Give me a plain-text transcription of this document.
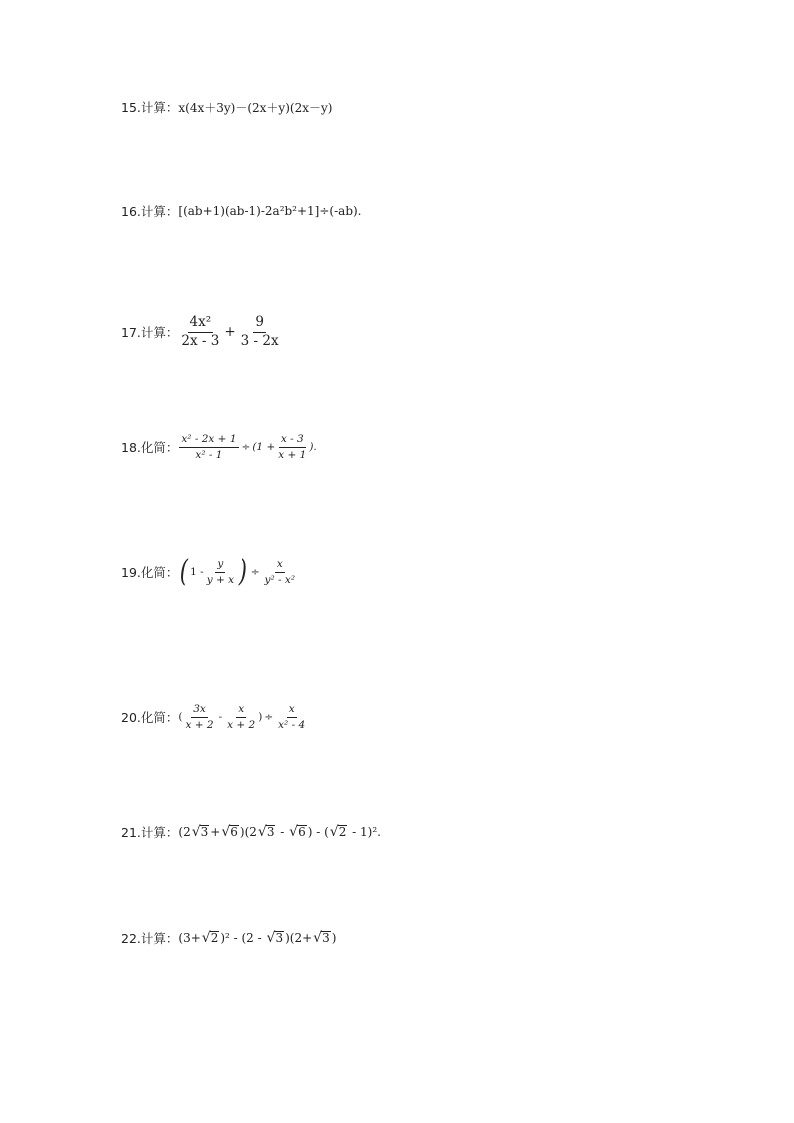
15.计算： x(4x＋3y)－(2x＋y)(2x－y)
16.计算： [(ab+1)(ab-1)-2a²b²+1]÷(-ab).
17.计算： $\frac{\text{4x²}}{2x - 3} + \frac{9}{3 - 2x}$
18.化简： $\frac{\text{x² - 2x + 1}}{\text{x² - 1}} \div (1 + \frac{x - 3}{x + 1}$ ).
19.化简： ( $1 - \frac{y}{y + x}$ ) ÷ $\frac{x}{\text{y² - x²}}$
20.化简： ( $\frac{3x}{x + 2} - \frac{x}{x + 2}$ ) ÷ $\frac{x}{\text{x² - 4}}$
21.计算： (2 √ 3 + √ 6 )(2 √ 3 - √ 6 ) - ( √ 2 - 1)².
22.计算： (3+ √ 2 )² - (2 - √ 3 )(2+ √ 3 )
